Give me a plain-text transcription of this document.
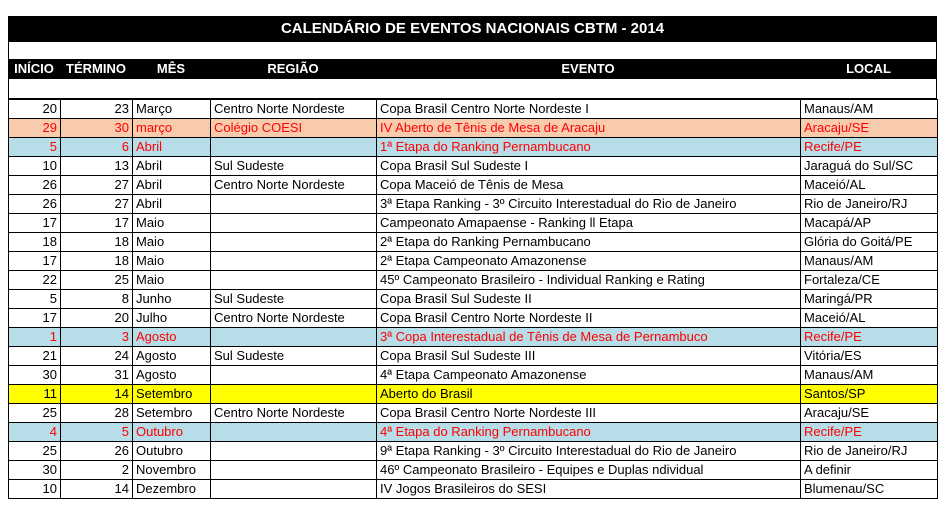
CALENDÁRIO DE EVENTOS NACIONAIS CBTM - 2014
INÍCIO TÉRMINO	MÊS	REGIÃO	EVENTO	LOCAL
20	23	Março	Centro Norte Nordeste	Copa Brasil Centro Norte Nordeste I	Manaus/AM
29	30	março	Colégio COESI	IV Aberto de Tênis de Mesa de Aracaju	Aracaju/SE
5	6	Abril		1ª Etapa do Ranking Pernambucano	Recife/PE
10	13	Abril	Sul Sudeste	Copa Brasil Sul Sudeste I	Jaraguá do Sul/SC
26	27	Abril	Centro Norte Nordeste	Copa Maceió de Tênis de Mesa	Maceió/AL
26	27	Abril		3ª Etapa Ranking - 3º Circuito Interestadual do Rio de Janeiro	Rio de Janeiro/RJ
17	17	Maio		Campeonato Amapaense - Ranking ll Etapa	Macapá/AP
18	18	Maio		2ª Etapa do Ranking Pernambucano	Glória do Goitá/PE
17	18	Maio		2ª Etapa Campeonato Amazonense	Manaus/AM
22	25	Maio		45º Campeonato Brasileiro - Individual Ranking e Rating	Fortaleza/CE
5	8	Junho	Sul Sudeste	Copa Brasil Sul Sudeste II	Maringá/PR
17	20	Julho	Centro Norte Nordeste	Copa Brasil Centro Norte Nordeste II	Maceió/AL
1	3	Agosto		3ª Copa Interestadual de Tênis de Mesa de Pernambuco	Recife/PE
21	24	Agosto	Sul Sudeste	Copa Brasil Sul Sudeste III	Vitória/ES
30	31	Agosto		4ª Etapa Campeonato Amazonense	Manaus/AM
11	14	Setembro		Aberto do Brasil	Santos/SP
25	28	Setembro	Centro Norte Nordeste	Copa Brasil Centro Norte Nordeste III	Aracaju/SE
4	5	Outubro		4ª Etapa do Ranking Pernambucano	Recife/PE
25	26	Outubro		9ª Etapa Ranking - 3º Circuito Interestadual do Rio de Janeiro	Rio de Janeiro/RJ
30	2	Novembro		46º Campeonato Brasileiro - Equipes e Duplas ndividual	A definir
10	14	Dezembro		IV Jogos Brasileiros do SESI	Blumenau/SC
